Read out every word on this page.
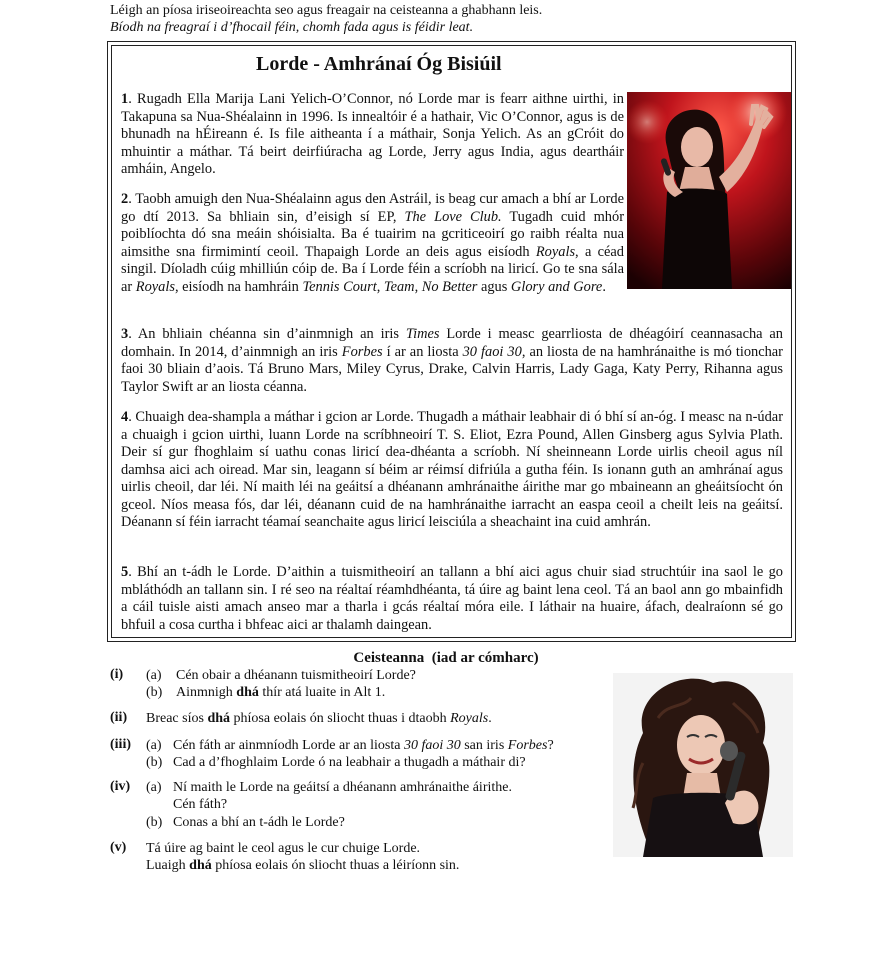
Léigh an píosa iriseoireachta seo agus freagair na ceisteanna a ghabhann leis.
Bíodh na freagraí i d’fhocail féin, chomh fada agus is féidir leat.
Lorde - Amhránaí Óg Bisiúil
1. Rugadh Ella Marija Lani Yelich-O’Connor, nó Lorde mar is fearr aithne uirthi, in Takapuna sa Nua-Shéalainn in 1996. Is innealtóir é a hathair, Vic O’Connor, agus is de bhunadh na hÉireann é. Is file aitheanta í a máthair, Sonja Yelich. As an gCróit do mhuintir a máthar. Tá beirt deirfiúracha ag Lorde, Jerry agus India, agus deartháir amháin, Angelo.
2. Taobh amuigh den Nua-Shéalainn agus den Astráil, is beag cur amach a bhí ar Lorde go dtí 2013. Sa bhliain sin, d’eisigh sí EP, The Love Club. Tugadh cuid mhór poiblíochta dó sna meáin shóisialta. Ba é tuairim na gcriticeoirí go raibh réalta nua aimsithe sna firmimintí ceoil. Thapaigh Lorde an deis agus eisíodh Royals, a céad singil. Díoladh cúig mhilliún cóip de. Ba í Lorde féin a scríobh na liricí. Go te sna sála ar Royals, eisíodh na hamhráin Tennis Court, Team, No Better agus Glory and Gore.
3. An bhliain chéanna sin d’ainmnigh an iris Times Lorde i measc gearrliosta de dhéagóirí ceannasacha an domhain. In 2014, d’ainmnigh an iris Forbes í ar an liosta 30 faoi 30, an liosta de na hamhránaithe is mó tionchar faoi 30 bliain d’aois. Tá Bruno Mars, Miley Cyrus, Drake, Calvin Harris, Lady Gaga, Katy Perry, Rihanna agus Taylor Swift ar an liosta céanna.
4. Chuaigh dea-shampla a máthar i gcion ar Lorde. Thugadh a máthair leabhair di ó bhí sí an-óg. I measc na n-údar a chuaigh i gcion uirthi, luann Lorde na scríbhneoirí T. S. Eliot, Ezra Pound, Allen Ginsberg agus Sylvia Plath. Deir sí gur fhoghlaim sí uathu conas liricí dea-dhéanta a scríobh. Ní sheinneann Lorde uirlis cheoil agus níl damhsa aici ach oiread. Mar sin, leagann sí béim ar réimsí difriúla a gutha féin. Is ionann guth an amhránaí agus uirlis cheoil, dar léi. Ní maith léi na geáitsí a dhéanann amhránaithe áirithe mar go mbaineann an gheáitsíocht ón gceol. Níos measa fós, dar léi, déanann cuid de na hamhránaithe iarracht an easpa ceoil a cheilt leis na geáitsí. Déanann sí féin iarracht téamaí seanchaite agus liricí leisciúla a sheachaint ina cuid amhrán.
5. Bhí an t-ádh le Lorde. D’aithin a tuismitheoirí an tallann a bhí aici agus chuir siad struchtúir ina saol le go mbláthódh an tallann sin. I ré seo na réaltaí réamhdhéanta, tá úire ag baint lena ceol. Tá an baol ann go mbainfidh a cáil tuisle aisti amach anseo mar a tharla i gcás réaltaí móra eile. I láthair na huaire, áfach, dealraíonn sé go bhfuil a cosa curtha i bhfeac aici ar thalamh daingean.
Ceisteanna (iad ar cómharc)
(i) (a) Cén obair a dhéanann tuismitheoirí Lorde?
(b) Ainmnigh dhá thír atá luaite in Alt 1.
(ii) Breac síos dhá phíosa eolais ón sliocht thuas i dtaobh Royals.
(iii) (a) Cén fáth ar ainmníodh Lorde ar an liosta 30 faoi 30 san iris Forbes?
(b) Cad a d’fhoghlaim Lorde ó na leabhair a thugadh a máthair di?
(iv) (a) Ní maith le Lorde na geáitsí a dhéanann amhránaithe áirithe.
Cén fáth?
(b) Conas a bhí an t-ádh le Lorde?
(v) Tá úire ag baint le ceol agus le cur chuige Lorde.
Luaigh dhá phíosa eolais ón sliocht thuas a léiríonn sin.
